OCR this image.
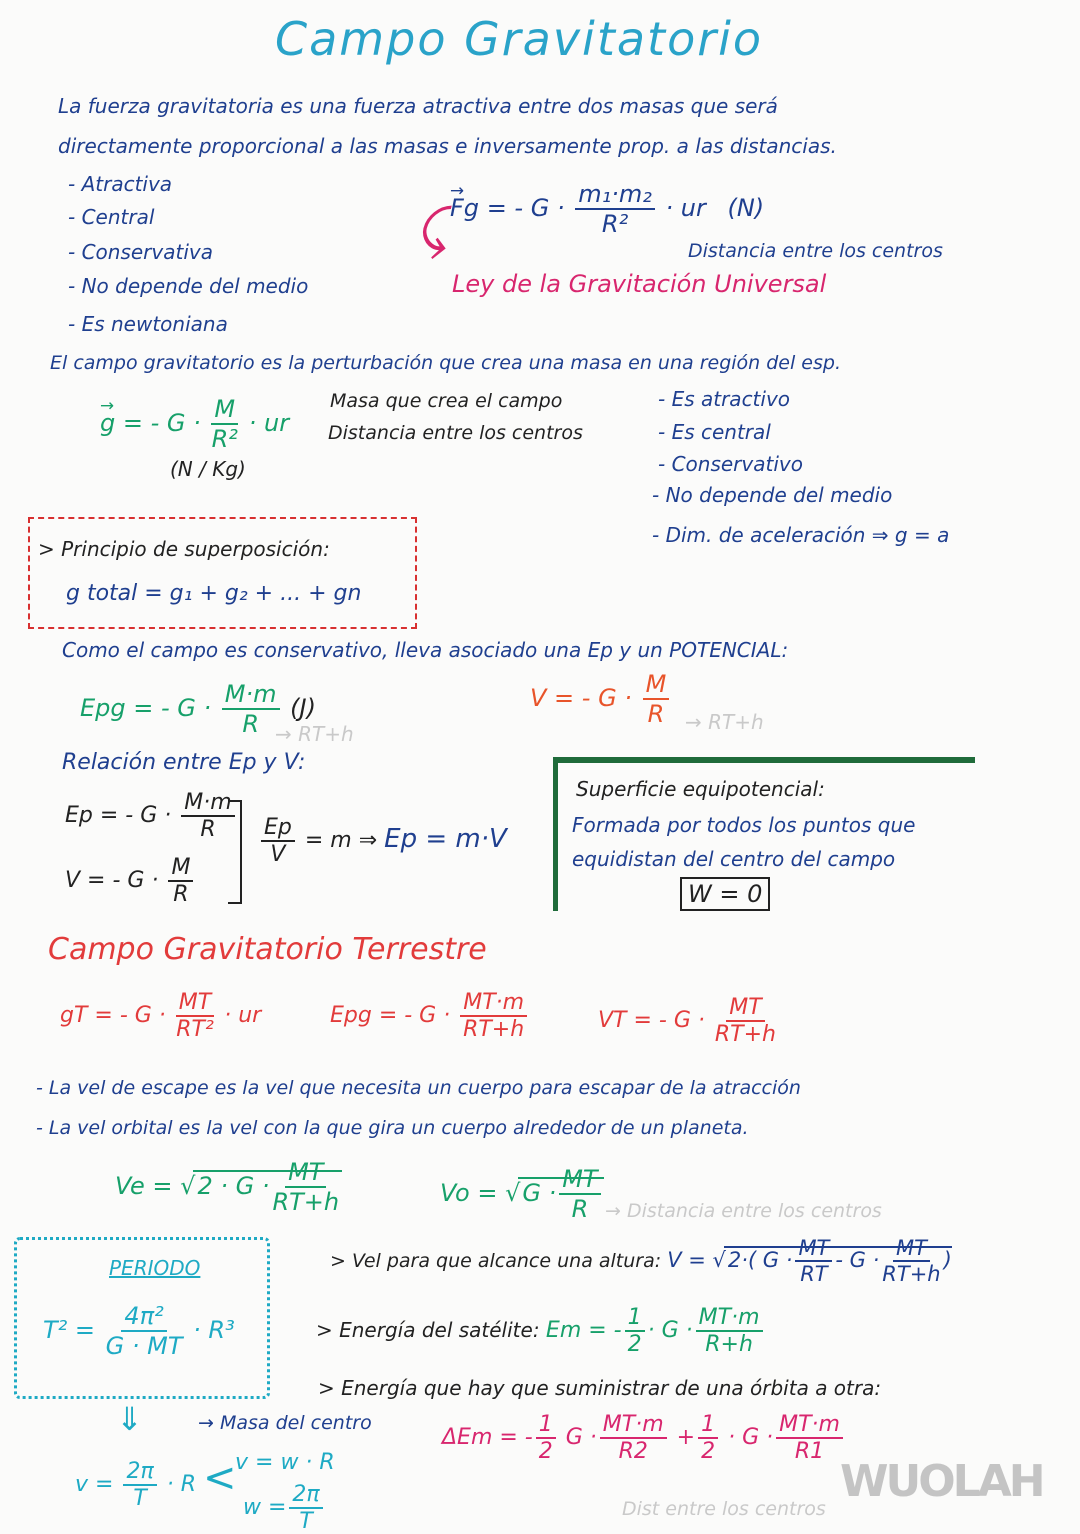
Campo Gravitatorio
La fuerza gravitatoria es una fuerza atractiva entre dos masas que será
directamente proporcional a las masas e inversamente prop. a las distancias.
- Atractiva
- Central
- Conservativa
- No depende del medio
- Es newtoniana
→ Fg = - $G \cdot \frac{\text{m₁·m₂}}{\text{R²}}$ · ur (N)
⤹	Distancia entre los centros
Ley de la Gravitación Universal
El campo gravitatorio es la perturbación que crea una masa en una región del esp.
→ g = - $G \cdot \frac{M}{\text{R²}}$ · ur
(N / Kg)
Masa que crea el campo
Distancia entre los centros
- Es atractivo
- Es central
- Conservativo
- No depende del medio
- Dim. de aceleración ⇒ g = a
> Principio de superposición:
g total = g₁ + g₂ + ... + gn
Como el campo es conservativo, lleva asociado una Ep y un POTENCIAL:
Epg = - $G \cdot \frac{M\cdot m}{R} (J)$
→ RT+h
V = - $G \cdot \frac{M}{R} \to RT+h$
Relación entre Ep y V:
Ep = - $G \cdot \frac{M\cdot m}{R}$
V = - $G \cdot \frac{M}{R}$
$\frac{Ep}{V} = m$ ⇒ Ep = m·V
Superficie equipotencial:
Formada por todos los puntos que
equidistan del centro del campo
W = 0
Campo Gravitatorio Terrestre
gT = - $G \cdot \frac{MT}{\text{RT²}}$ · ur	Epg = - $G \cdot \frac{MT\cdot m}{RT+h}$	VT = - $G \cdot \frac{MT}{RT+h}$
- La vel de escape es la vel que necesita un cuerpo para escapar de la atracción
- La vel orbital es la vel con la que gira un cuerpo alrededor de un planeta.
$Ve = √2 \cdot G \cdot \frac{MT}{RT+h}$	$Vo = √G \cdot \frac{MT}{R}$ → Distancia entre los centros
PERIODO
$T^2 = \frac{\text{4π²}}{G \cdot MT} \cdot R^3$
⇓	→ Masa del centro
$v = \frac{2\pi}{T} \cdot R$ <
v = w · R
$w = \frac{2\pi}{T}$
> Vel para que alcance una altura: V = √2·( $G \cdot \frac{MT}{RT} - G \cdot \frac{MT}{RT+h}$ )
> Energía del satélite: Em = - $\frac{1}{2} \cdot G \cdot \frac{MT\cdot m}{R+h}$
> Energía que hay que suministrar de una órbita a otra:
ΔEm = - $\frac{1}{2}$ $G \cdot \frac{MT\cdot m}{R2} + \frac{1}{2} \cdot G \cdot \frac{MT\cdot m}{R1}$
Dist entre los centros
WUOLAH
